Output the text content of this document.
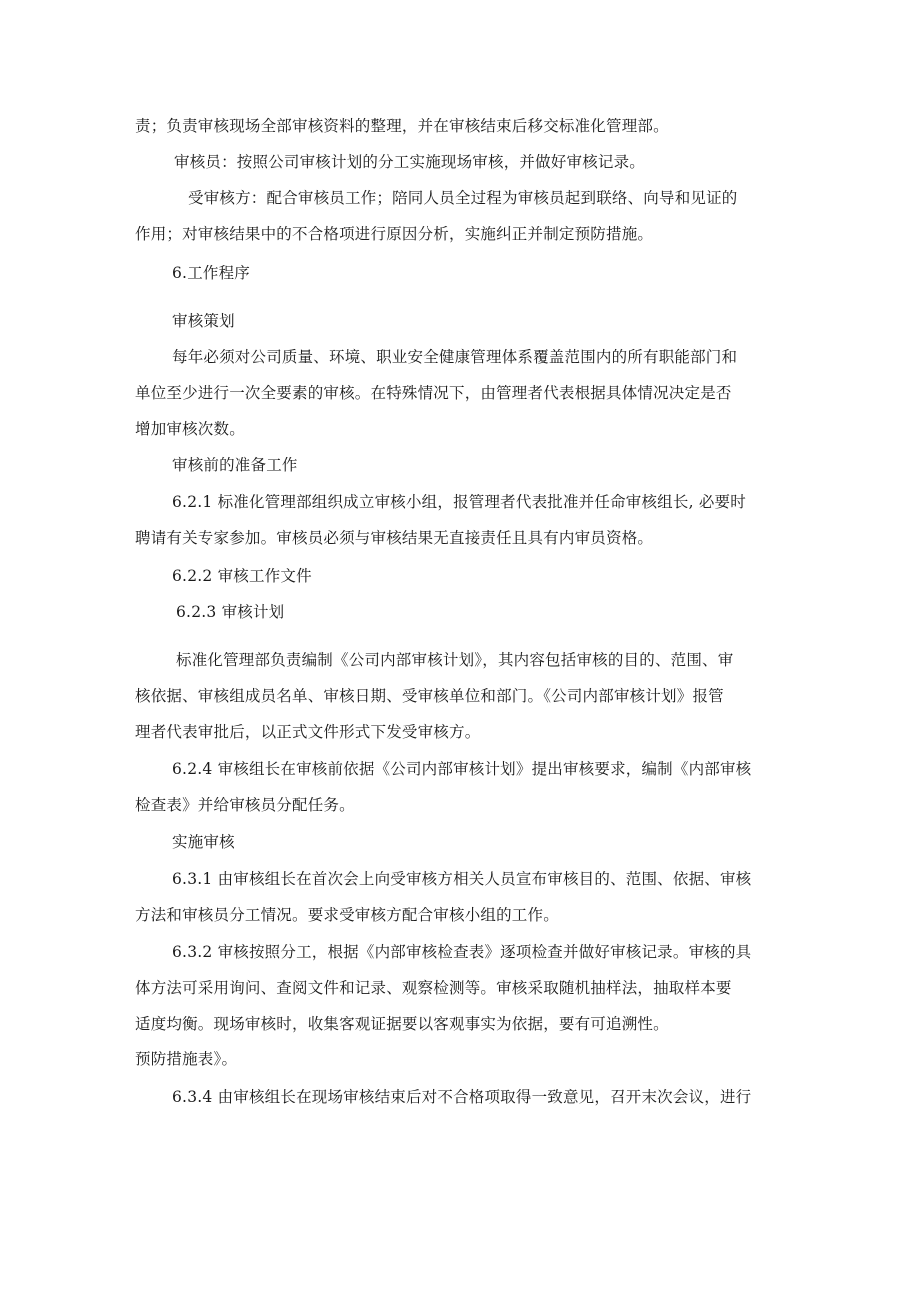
责；负责审核现场全部审核资料的整理，并在审核结束后移交标准化管理部。

审核员：按照公司审核计划的分工实施现场审核，并做好审核记录。

受审核方：配合审核员工作；陪同人员全过程为审核员起到联络、向导和见证的

作用；对审核结果中的不合格项进行原因分析，实施纠正并制定预防措施。

6.工作程序

审核策划

每年必须对公司质量、环境、职业安全健康管理体系覆盖范围内的所有职能部门和

单位至少进行一次全要素的审核。在特殊情况下，由管理者代表根据具体情况决定是否

增加审核次数。

审核前的准备工作

6.2.1 标准化管理部组织成立审核小组，报管理者代表批准并任命审核组长, 必要时

聘请有关专家参加。审核员必须与审核结果无直接责任且具有内审员资格。

6.2.2 审核工作文件

6.2.3 审核计划

标准化管理部负责编制《公司内部审核计划》，其内容包括审核的目的、范围、审

核依据、审核组成员名单、审核日期、受审核单位和部门。《公司内部审核计划》报管

理者代表审批后，以正式文件形式下发受审核方。

6.2.4 审核组长在审核前依据《公司内部审核计划》提出审核要求，编制《内部审核

检查表》并给审核员分配任务。

实施审核

6.3.1 由审核组长在首次会上向受审核方相关人员宣布审核目的、范围、依据、审核

方法和审核员分工情况。要求受审核方配合审核小组的工作。

6.3.2 审核按照分工，根据《内部审核检查表》逐项检查并做好审核记录。审核的具

体方法可采用询问、查阅文件和记录、观察检测等。审核采取随机抽样法，抽取样本要

适度均衡。现场审核时，收集客观证据要以客观事实为依据，要有可追溯性。

预防措施表》。

6.3.4 由审核组长在现场审核结束后对不合格项取得一致意见，召开末次会议，进行
